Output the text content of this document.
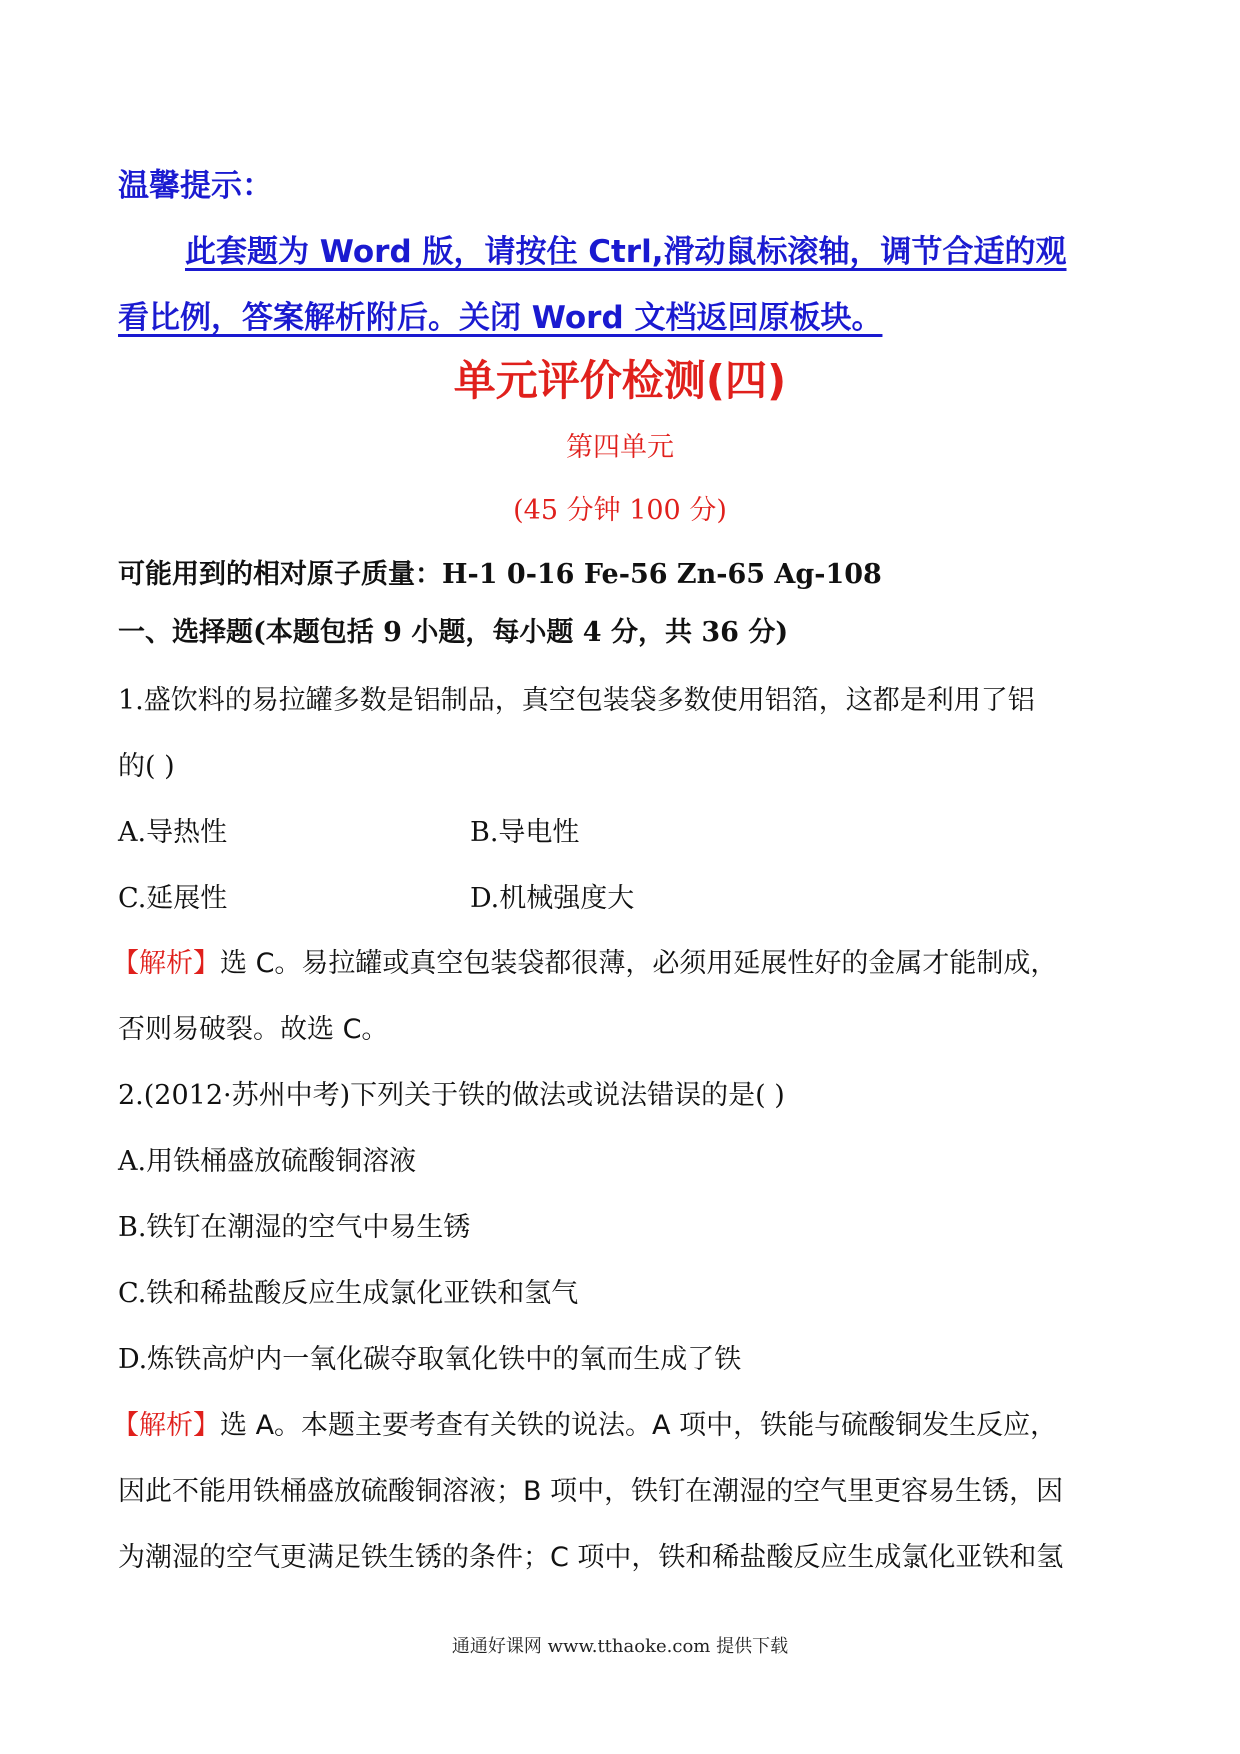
温馨提示：
此套题为 Word 版，请按住 Ctrl,滑动鼠标滚轴，调节合适的观
看比例，答案解析附后。关闭 Word 文档返回原板块。
单元评价检测(四)
第四单元
(45 分钟 100 分)
可能用到的相对原子质量：H-1 0-16 Fe-56 Zn-65 Ag-108
一、选择题(本题包括 9 小题，每小题 4 分，共 36 分)
1.盛饮料的易拉罐多数是铝制品，真空包装袋多数使用铝箔，这都是利用了铝
的( )
A.导热性	B.导电性
C.延展性	D.机械强度大
【解析】选 C。易拉罐或真空包装袋都很薄，必须用延展性好的金属才能制成，
否则易破裂。故选 C。
2.(2012·苏州中考)下列关于铁的做法或说法错误的是( )
A.用铁桶盛放硫酸铜溶液
B.铁钉在潮湿的空气中易生锈
C.铁和稀盐酸反应生成氯化亚铁和氢气
D.炼铁高炉内一氧化碳夺取氧化铁中的氧而生成了铁
【解析】选 A。本题主要考查有关铁的说法。A 项中，铁能与硫酸铜发生反应，
因此不能用铁桶盛放硫酸铜溶液；B 项中，铁钉在潮湿的空气里更容易生锈，因
为潮湿的空气更满足铁生锈的条件；C 项中，铁和稀盐酸反应生成氯化亚铁和氢
通通好课网 www.tthaoke.com 提供下载
